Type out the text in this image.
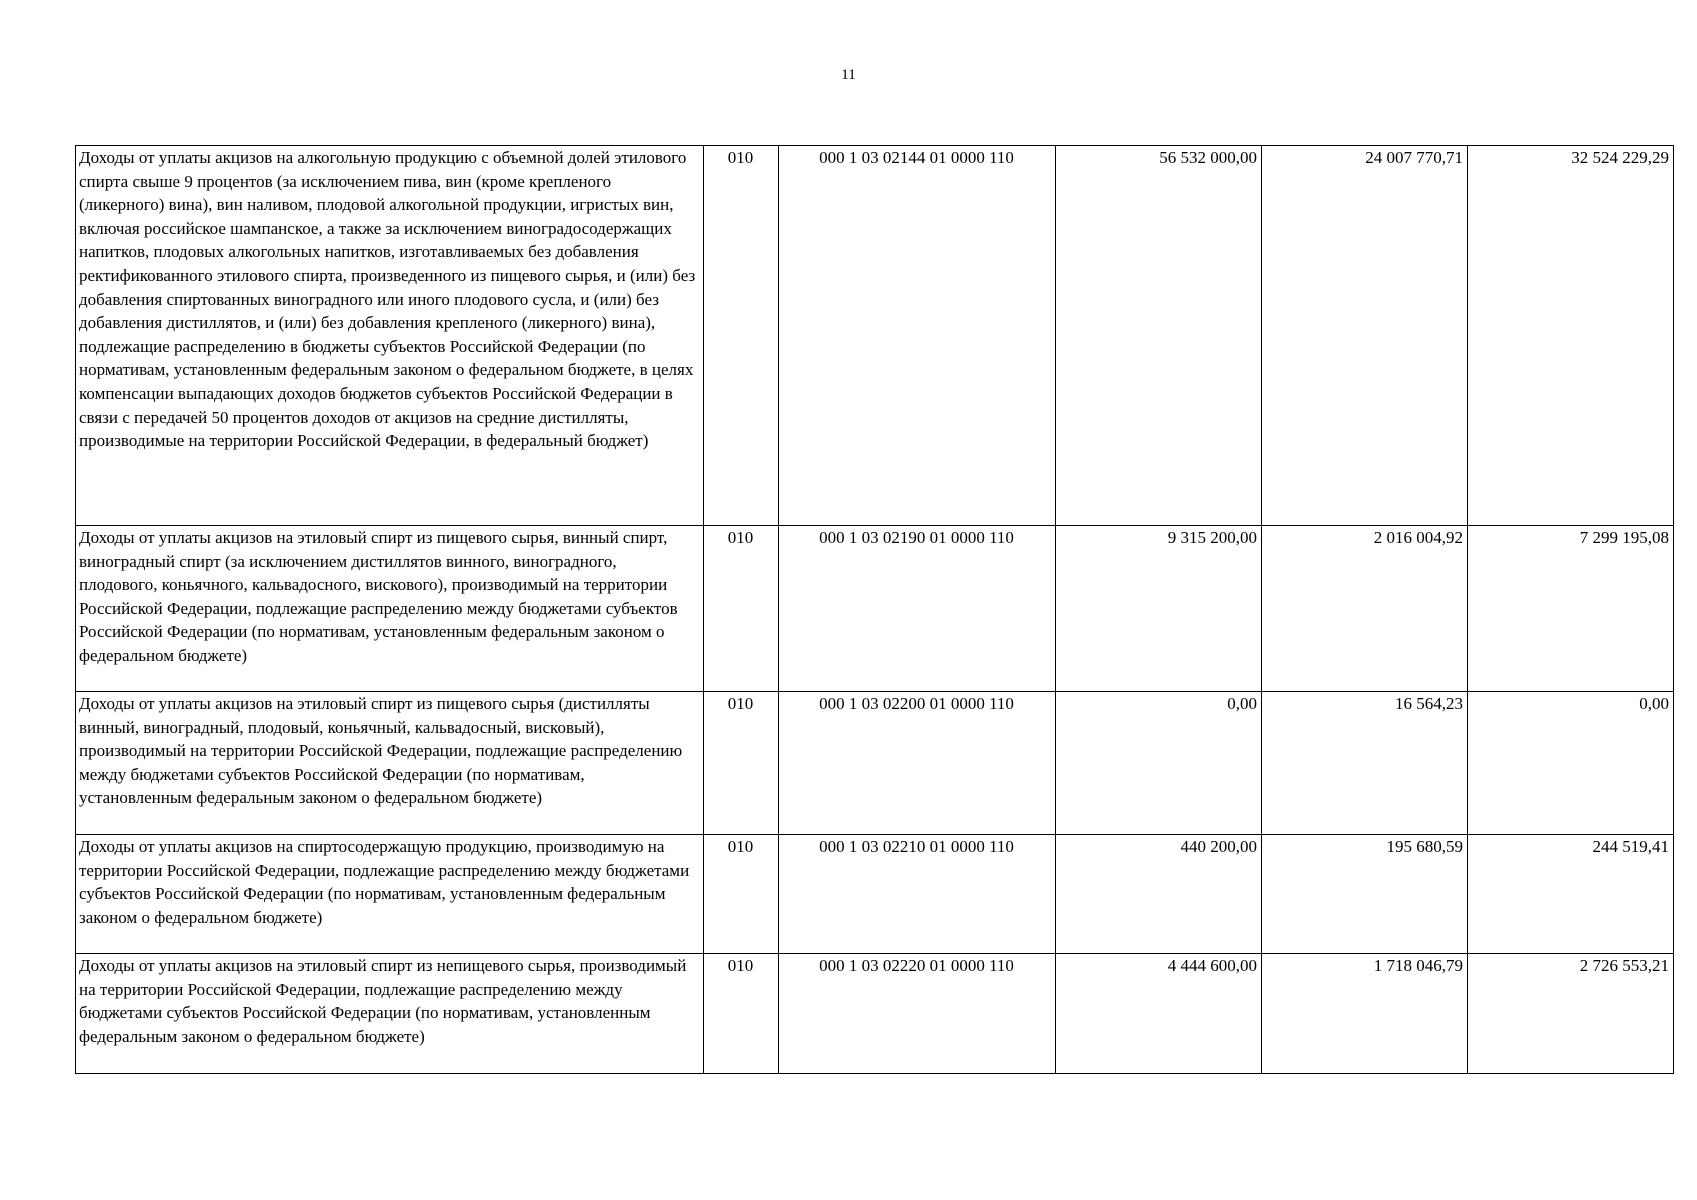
11
Доходы от уплаты акцизов на алкогольную продукцию с объемной долей этилового спирта свыше 9 процентов (за исключением пива, вин (кроме крепленого (ликерного) вина), вин наливом, плодовой алкогольной продукции, игристых вин, включая российское шампанское, а также за исключением виноградосодержащих напитков, плодовых алкогольных напитков, изготавливаемых без добавления ректификованного этилового спирта, произведенного из пищевого сырья, и (или) без добавления спиртованных виноградного или иного плодового сусла, и (или) без добавления дистиллятов, и (или) без добавления крепленого (ликерного) вина), подлежащие распределению в бюджеты субъектов Российской Федерации (по нормативам, установленным федеральным законом о федеральном бюджете, в целях компенсации выпадающих доходов бюджетов субъектов Российской Федерации в связи с передачей 50 процентов доходов от акцизов на средние дистилляты, производимые на территории Российской Федерации, в федеральный бюджет)	010	000 1 03 02144 01 0000 110	56 532 000,00	24 007 770,71	32 524 229,29
Доходы от уплаты акцизов на этиловый спирт из пищевого сырья, винный спирт, виноградный спирт (за исключением дистиллятов винного, виноградного, плодового, коньячного, кальвадосного, вискового), производимый на территории Российской Федерации, подлежащие распределению между бюджетами субъектов Российской Федерации (по нормативам, установленным федеральным законом о федеральном бюджете)	010	000 1 03 02190 01 0000 110	9 315 200,00	2 016 004,92	7 299 195,08
Доходы от уплаты акцизов на этиловый спирт из пищевого сырья (дистилляты винный, виноградный, плодовый, коньячный, кальвадосный, висковый), производимый на территории Российской Федерации, подлежащие распределению между бюджетами субъектов Российской Федерации (по нормативам, установленным федеральным законом о федеральном бюджете)	010	000 1 03 02200 01 0000 110	0,00	16 564,23	0,00
Доходы от уплаты акцизов на спиртосодержащую продукцию, производимую на территории Российской Федерации, подлежащие распределению между бюджетами субъектов Российской Федерации (по нормативам, установленным федеральным законом о федеральном бюджете)	010	000 1 03 02210 01 0000 110	440 200,00	195 680,59	244 519,41
Доходы от уплаты акцизов на этиловый спирт из непищевого сырья, производимый на территории Российской Федерации, подлежащие распределению между бюджетами субъектов Российской Федерации (по нормативам, установленным федеральным законом о федеральном бюджете)	010	000 1 03 02220 01 0000 110	4 444 600,00	1 718 046,79	2 726 553,21
